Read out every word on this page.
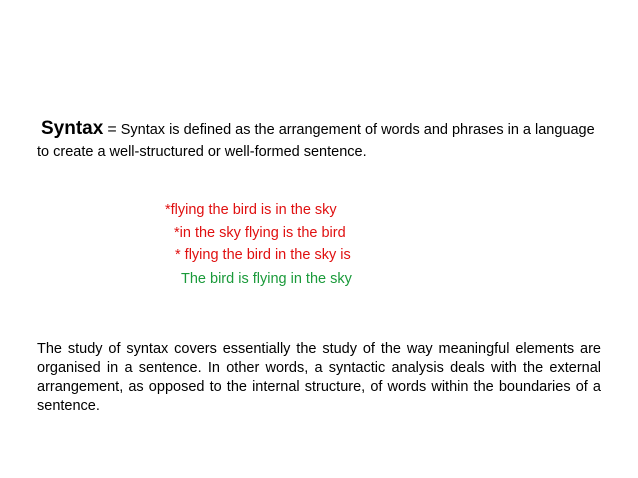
Syntax = Syntax is defined as the arrangement of words and phrases in a language to create a well-structured or well-formed sentence.

*flying the bird is in the sky
*in the sky flying is the bird
* flying the bird in the sky is
The bird is flying in the sky

The study of syntax covers essentially the study of the way meaningful elements are organised in a sentence. In other words, a syntactic analysis deals with the external arrangement, as opposed to the internal structure, of words within the boundaries of a sentence.
